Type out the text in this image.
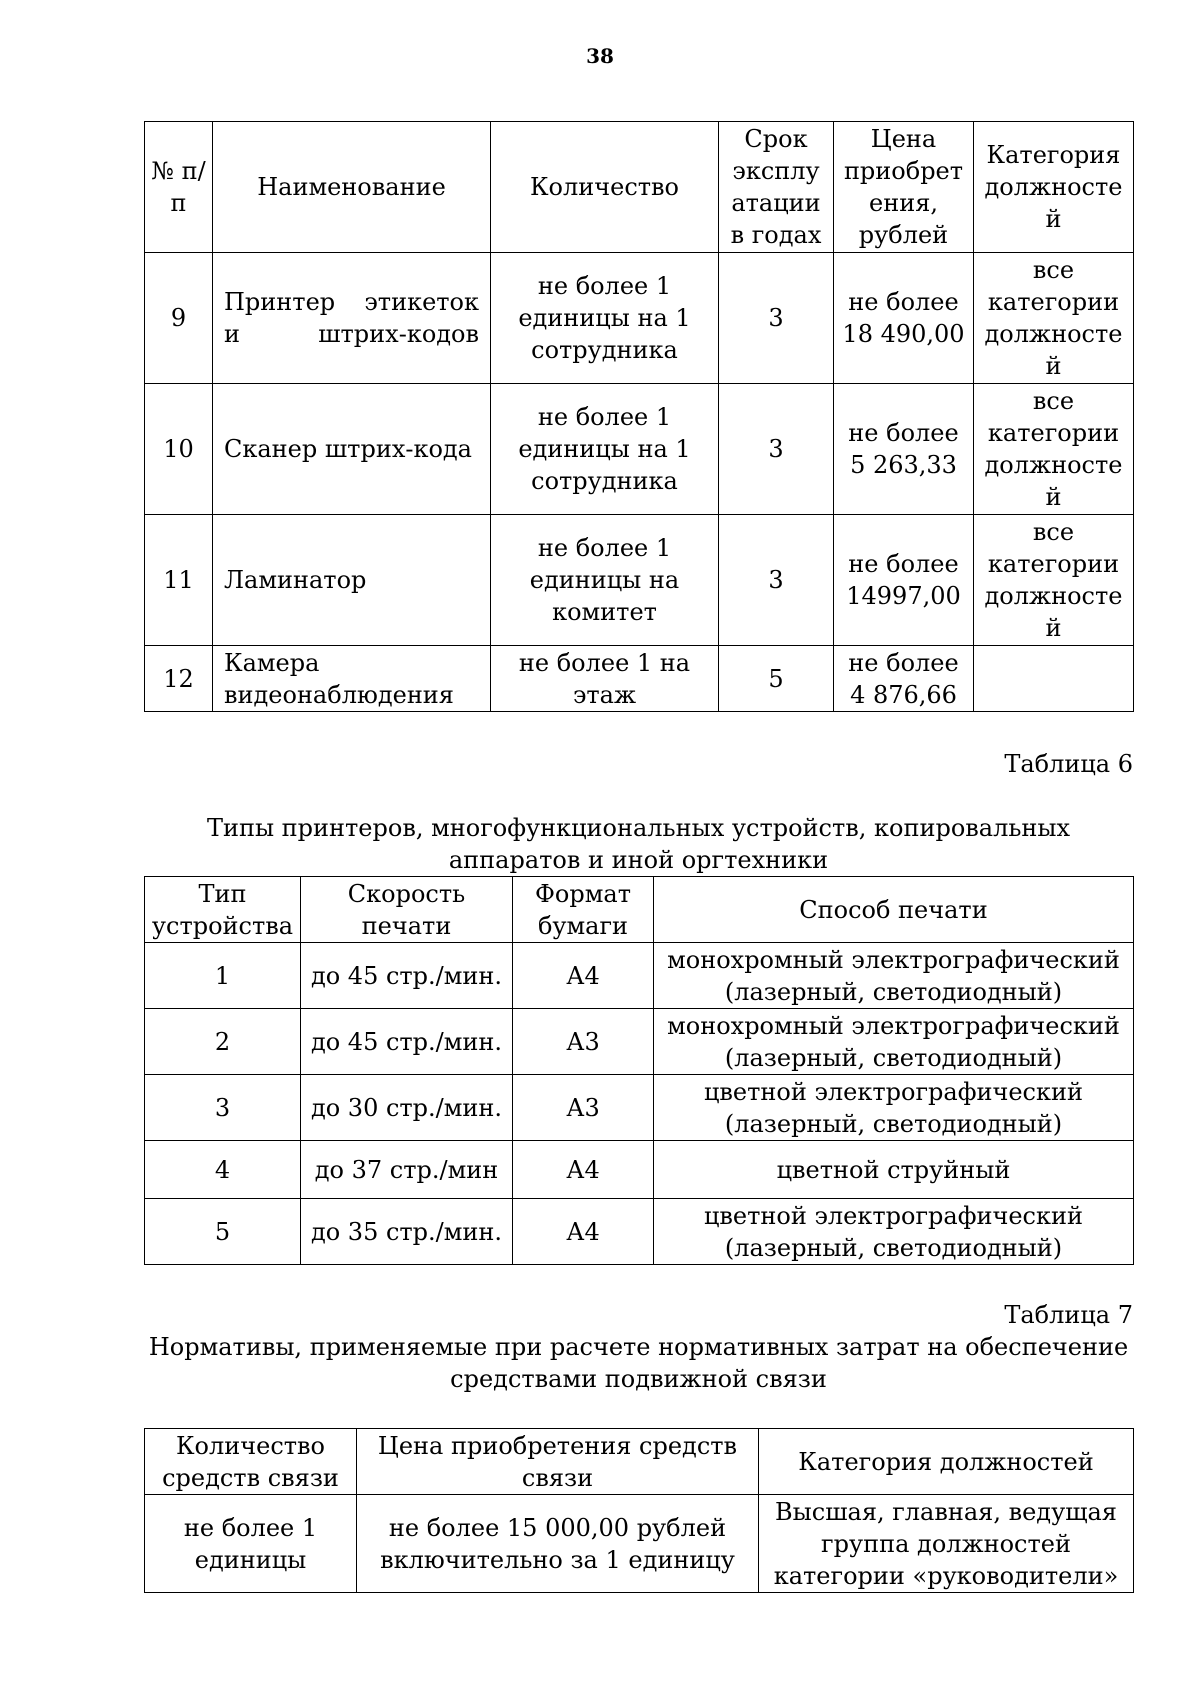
38
№ п/п	Наименование	Количество	Срок эксплу атации в годах	Цена приобрет ения, рублей	Категория должносте й
9	Принтер этикеток и штрих-кодов	не более 1 единицы на 1 сотрудника	3	не более 18 490,00	все категории должносте й
10	Сканер штрих-кода	не более 1 единицы на 1 сотрудника	3	не более 5 263,33	все категории должносте й
11	Ламинатор	не более 1 единицы на комитет	3	не более 14997,00	все категории должносте й
12	Камера видеонаблюдения	не более 1 на этаж	5	не более 4 876,66	
Таблица 6
Типы принтеров, многофункциональных устройств, копировальных аппаратов и иной оргтехники
Тип устройства	Скорость печати	Формат бумаги	Способ печати
1	до 45 стр./мин.	А4	монохромный электрографический (лазерный, светодиодный)
2	до 45 стр./мин.	А3	монохромный электрографический (лазерный, светодиодный)
3	до 30 стр./мин.	А3	цветной электрографический (лазерный, светодиодный)
4	до 37 стр./мин	А4	цветной струйный
5	до 35 стр./мин.	А4	цветной электрографический (лазерный, светодиодный)
Таблица 7
Нормативы, применяемые при расчете нормативных затрат на обеспечение средствами подвижной связи
Количество средств связи	Цена приобретения средств связи	Категория должностей
не более 1 единицы	не более 15 000,00 рублей включительно за 1 единицу	Высшая, главная, ведущая группа должностей категории «руководители»
